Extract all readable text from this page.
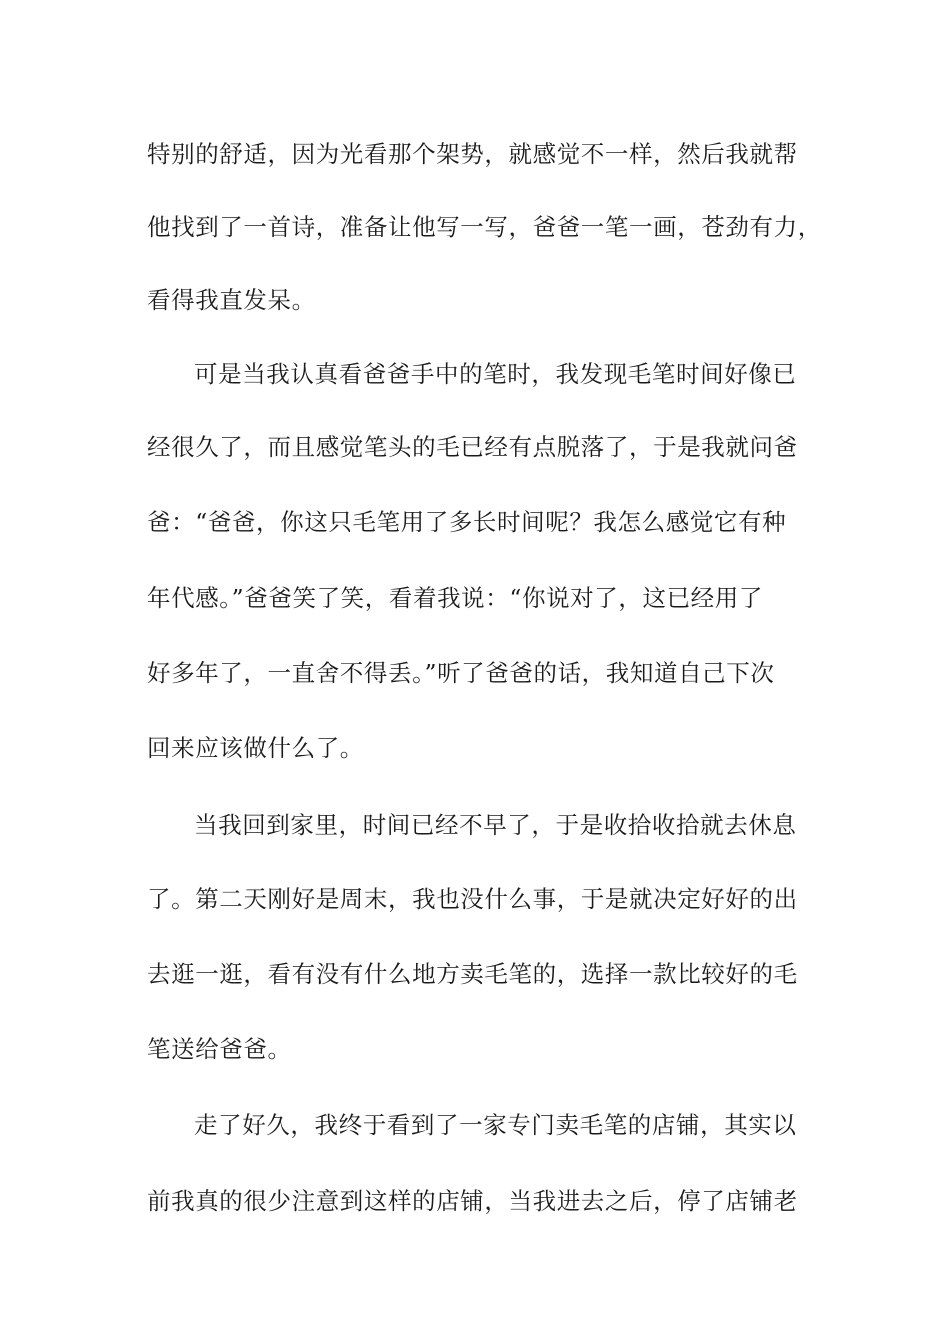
特别的舒适，因为光看那个架势，就感觉不一样，然后我就帮
他找到了一首诗，准备让他写一写，爸爸一笔一画，苍劲有力，
看得我直发呆。
可是当我认真看爸爸手中的笔时，我发现毛笔时间好像已
经很久了，而且感觉笔头的毛已经有点脱落了，于是我就问爸
爸：“爸爸，你这只毛笔用了多长时间呢？我怎么感觉它有种
年代感。”爸爸笑了笑，看着我说：“你说对了，这已经用了
好多年了，一直舍不得丢。”听了爸爸的话，我知道自己下次
回来应该做什么了。
当我回到家里，时间已经不早了，于是收拾收拾就去休息
了。第二天刚好是周末，我也没什么事，于是就决定好好的出
去逛一逛，看有没有什么地方卖毛笔的，选择一款比较好的毛
笔送给爸爸。
走了好久，我终于看到了一家专门卖毛笔的店铺，其实以
前我真的很少注意到这样的店铺，当我进去之后，停了店铺老
